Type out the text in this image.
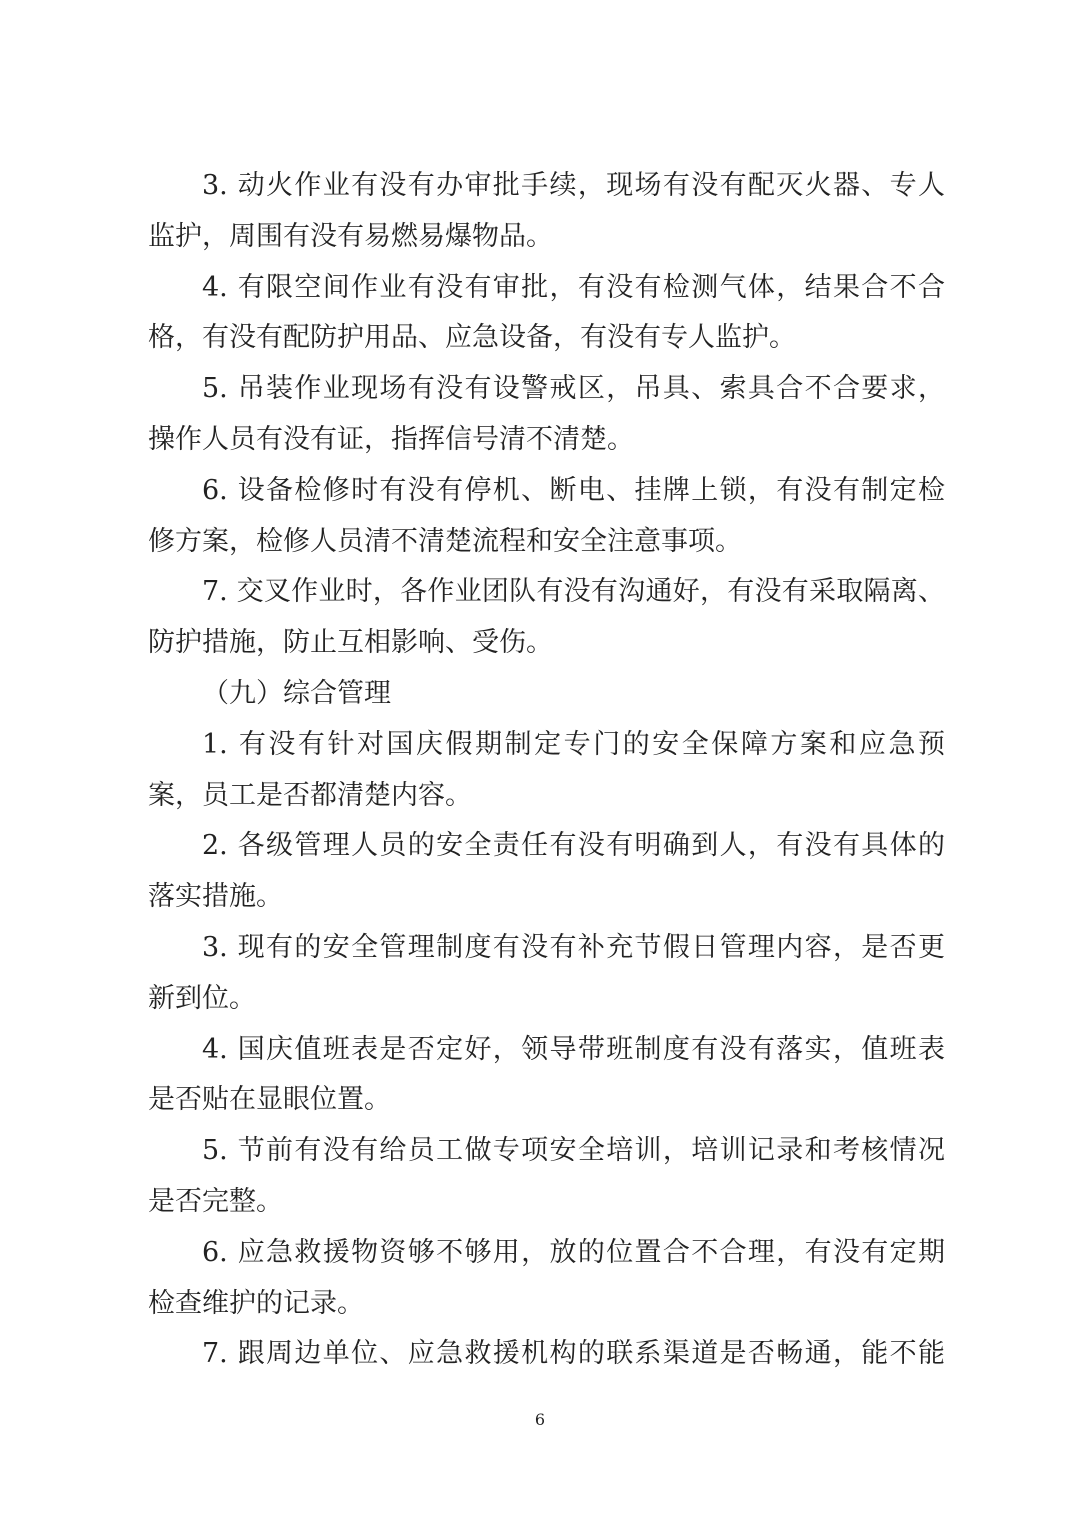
3. 动火作业有没有办审批手续，现场有没有配灭火器、专人
监护，周围有没有易燃易爆物品。
4. 有限空间作业有没有审批，有没有检测气体，结果合不合
格，有没有配防护用品、应急设备，有没有专人监护。
5. 吊装作业现场有没有设警戒区，吊具、索具合不合要求，
操作人员有没有证，指挥信号清不清楚。
6. 设备检修时有没有停机、断电、挂牌上锁，有没有制定检
修方案，检修人员清不清楚流程和安全注意事项。
7. 交叉作业时，各作业团队有没有沟通好，有没有采取隔离、
防护措施，防止互相影响、受伤。
（九）综合管理
1. 有没有针对国庆假期制定专门的安全保障方案和应急预
案，员工是否都清楚内容。
2. 各级管理人员的安全责任有没有明确到人，有没有具体的
落实措施。
3. 现有的安全管理制度有没有补充节假日管理内容，是否更
新到位。
4. 国庆值班表是否定好，领导带班制度有没有落实，值班表
是否贴在显眼位置。
5. 节前有没有给员工做专项安全培训，培训记录和考核情况
是否完整。
6. 应急救援物资够不够用，放的位置合不合理，有没有定期
检查维护的记录。
7. 跟周边单位、应急救援机构的联系渠道是否畅通，能不能
6
